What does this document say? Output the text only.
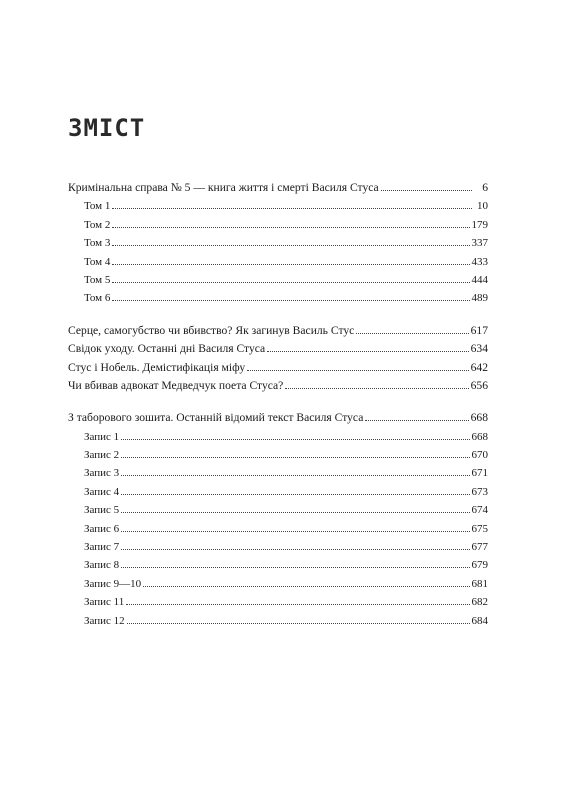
ЗМІСТ
Кримінальна справа № 5 — книга життя і смерті Василя Стуса	6
Том 1	10
Том 2	179
Том 3	337
Том 4	433
Том 5	444
Том 6	489
Серце, самогубство чи вбивство? Як загинув Василь Стус	617
Свідок уходу. Останні дні Василя Стуса	634
Стус і Нобель. Деміcтифікація міфу	642
Чи вбивав адвокат Медведчук поета Стуса?	656
З таборового зошита. Останній відомий текст Василя Стуса	668
Запис 1	668
Запис 2	670
Запис 3	671
Запис 4	673
Запис 5	674
Запис 6	675
Запис 7	677
Запис 8	679
Запис 9—10	681
Запис 11	682
Запис 12	684
